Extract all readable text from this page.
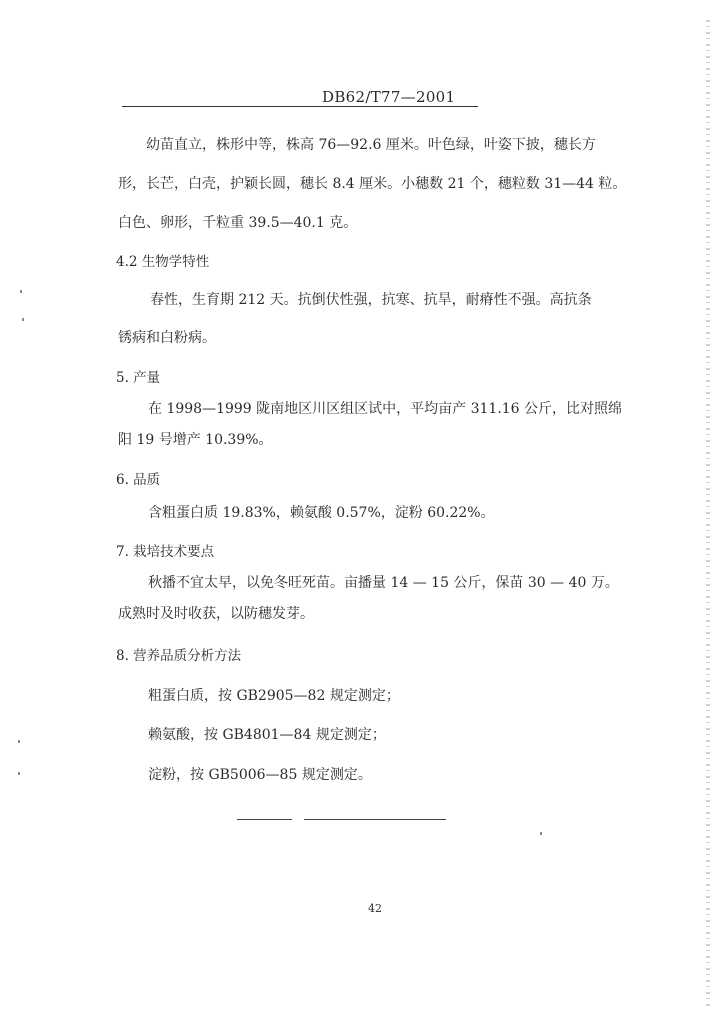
DB62/T77—2001
幼苗直立，株形中等，株高 76—92.6 厘米。叶色绿，叶姿下披，穗长方
形，长芒，白壳，护颖长圆，穗长 8.4 厘米。小穗数 21 个，穗粒数 31—44 粒。
白色、卵形，千粒重 39.5—40.1 克。
4.2 生物学特性
春性，生育期 212 天。抗倒伏性强，抗寒、抗旱，耐瘠性不强。高抗条
锈病和白粉病。
5. 产量
在 1998—1999 陇南地区川区组区试中，平均亩产 311.16 公斤，比对照绵
阳 19 号增产 10.39%。
6. 品质
含粗蛋白质 19.83%，赖氨酸 0.57%，淀粉 60.22%。
7. 栽培技术要点
秋播不宜太早，以免冬旺死苗。亩播量 14 — 15 公斤，保苗 30 — 40 万。
成熟时及时收获，以防穗发芽。
8. 营养品质分析方法
粗蛋白质，按 GB2905—82 规定测定；
赖氨酸，按 GB4801—84 规定测定；
淀粉，按 GB5006—85 规定测定。
42
